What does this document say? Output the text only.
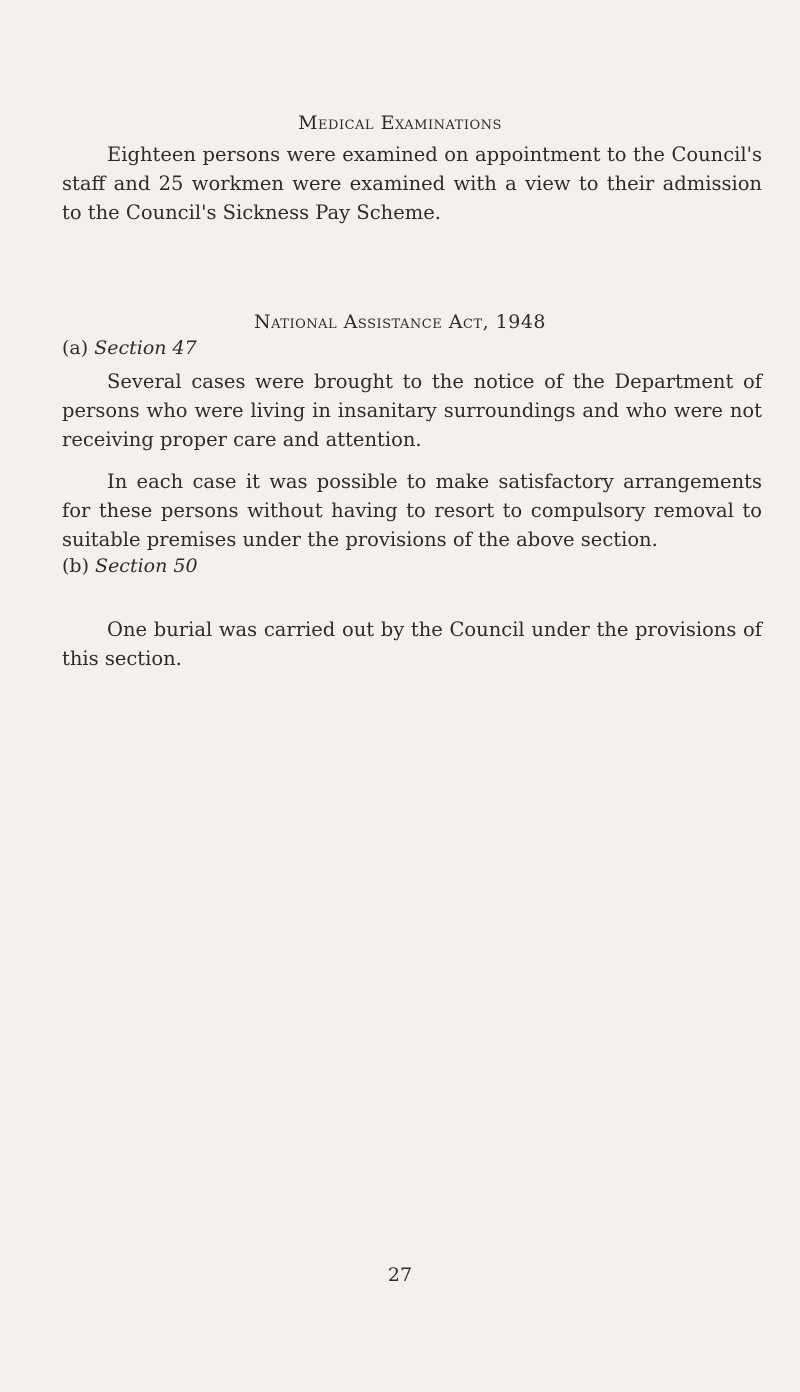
Medical Examinations

Eighteen persons were examined on appointment to the Council's staff and 25 workmen were examined with a view to their admission to the Council's Sickness Pay Scheme.

National Assistance Act, 1948
(a) Section 47

Several cases were brought to the notice of the Department of persons who were living in insanitary surroundings and who were not receiving proper care and attention.

In each case it was possible to make satisfactory arrangements for these persons without having to resort to compulsory removal to suitable premises under the provisions of the above section.

(b) Section 50

One burial was carried out by the Council under the provisions of this section.

27
